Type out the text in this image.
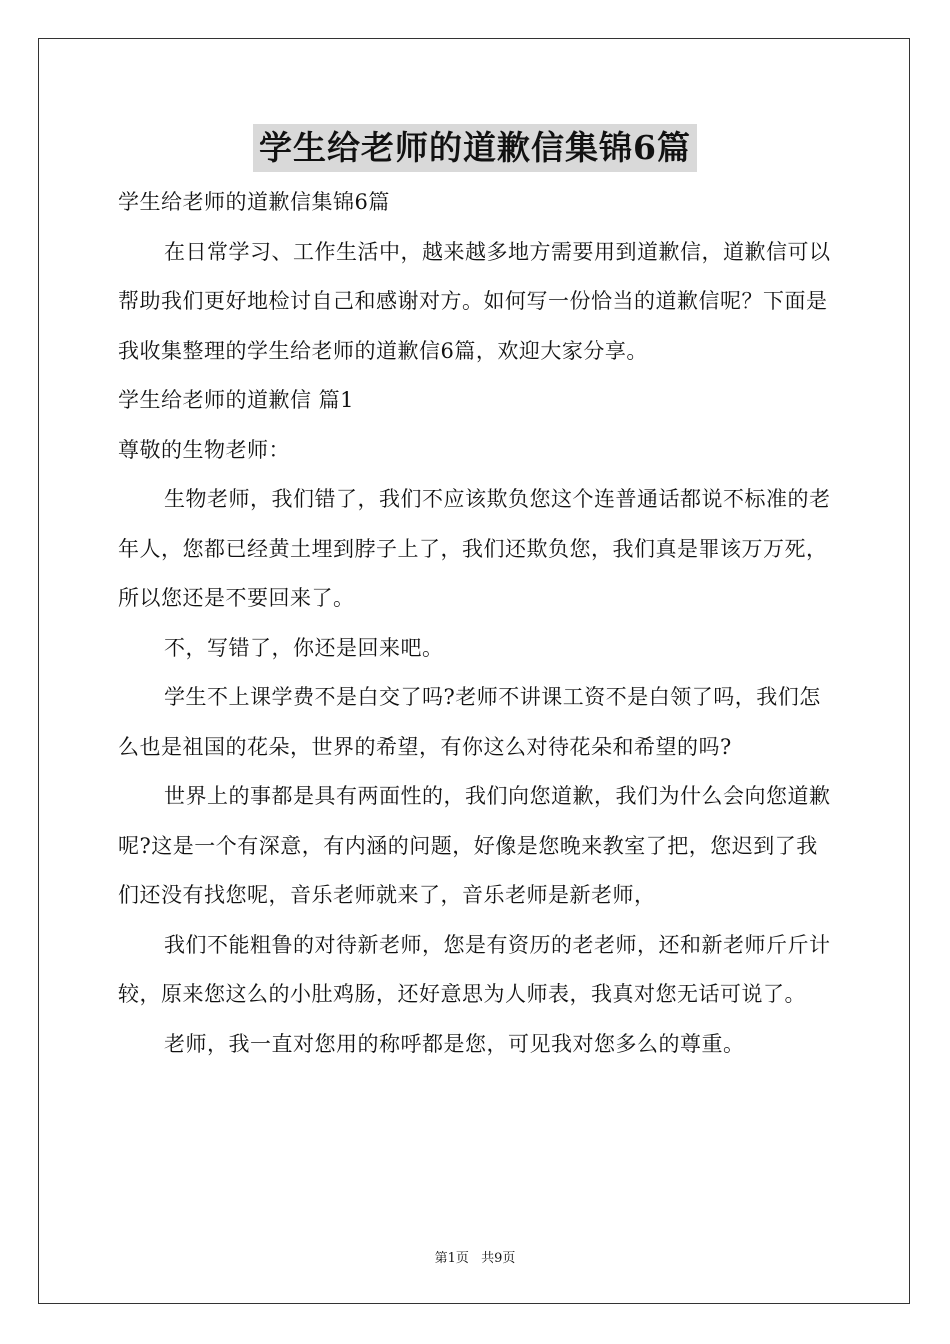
学生给老师的道歉信集锦6篇

学生给老师的道歉信集锦6篇

在日常学习、工作生活中，越来越多地方需要用到道歉信，道歉信可以帮助我们更好地检讨自己和感谢对方。如何写一份恰当的道歉信呢？下面是我收集整理的学生给老师的道歉信6篇，欢迎大家分享。

学生给老师的道歉信 篇1

尊敬的生物老师：

生物老师，我们错了，我们不应该欺负您这个连普通话都说不标准的老年人，您都已经黄土埋到脖子上了，我们还欺负您，我们真是罪该万万死，所以您还是不要回来了。

不，写错了，你还是回来吧。

学生不上课学费不是白交了吗?老师不讲课工资不是白领了吗，我们怎么也是祖国的花朵，世界的希望，有你这么对待花朵和希望的吗?

世界上的事都是具有两面性的，我们向您道歉，我们为什么会向您道歉呢?这是一个有深意，有内涵的问题，好像是您晚来教室了把，您迟到了我们还没有找您呢，音乐老师就来了，音乐老师是新老师，

我们不能粗鲁的对待新老师，您是有资历的老老师，还和新老师斤斤计较，原来您这么的小肚鸡肠，还好意思为人师表，我真对您无话可说了。

老师，我一直对您用的称呼都是您，可见我对您多么的尊重。

第1页 共9页
